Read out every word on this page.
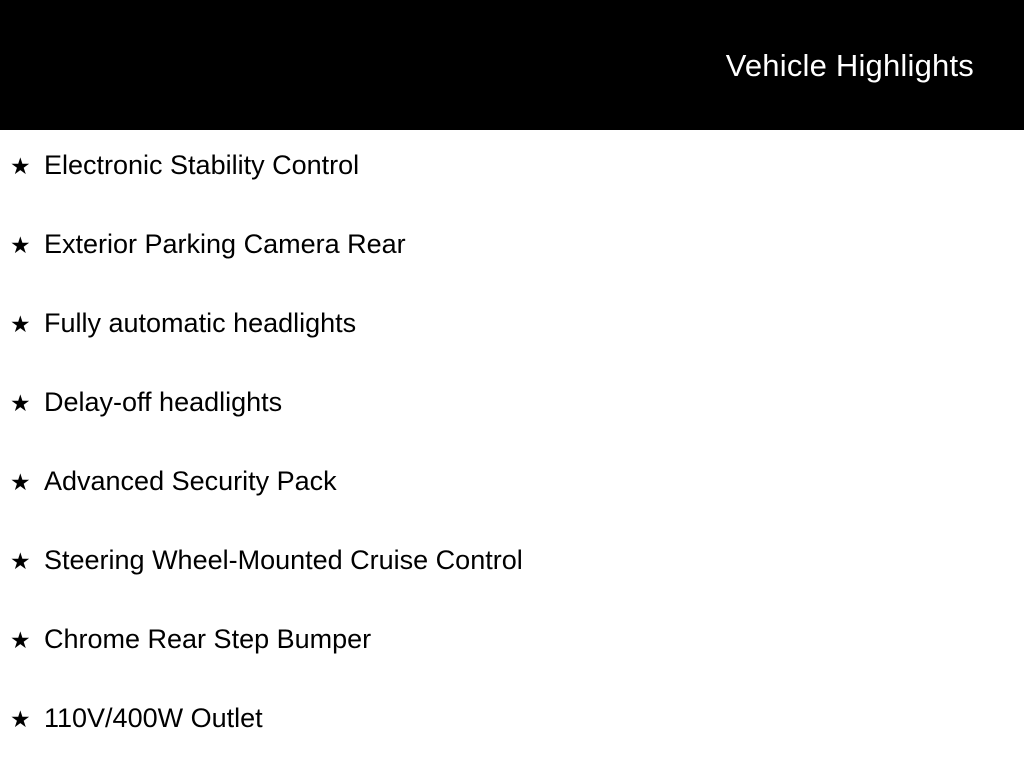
Vehicle Highlights
★ Electronic Stability Control
★ Exterior Parking Camera Rear
★ Fully automatic headlights
★ Delay-off headlights
★ Advanced Security Pack
★ Steering Wheel-Mounted Cruise Control
★ Chrome Rear Step Bumper
★ 110V/400W Outlet
